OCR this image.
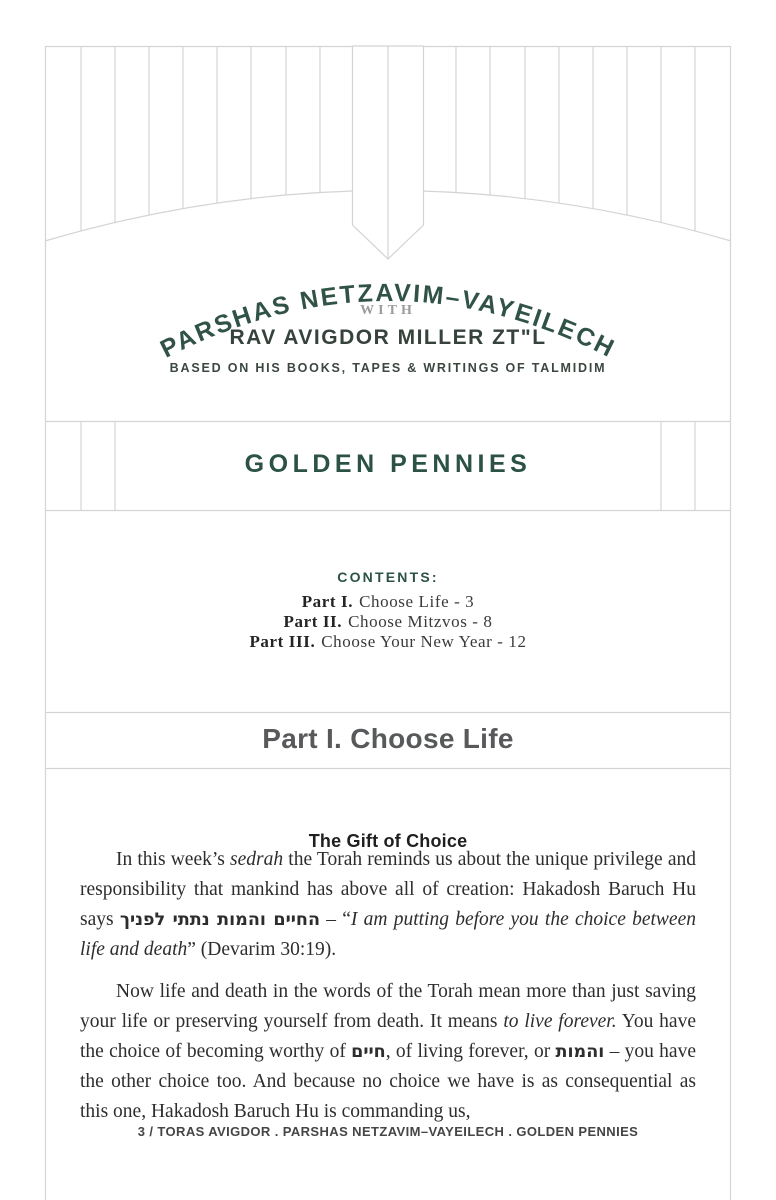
PARSHAS NETZAVIM–VAYEILECH
WITH
RAV AVIGDOR MILLER ZT"L
BASED ON HIS BOOKS, TAPES & WRITINGS OF TALMIDIM
GOLDEN PENNIES
CONTENTS:
Part I. Choose Life - 3
Part II. Choose Mitzvos - 8
Part III. Choose Your New Year - 12
Part I. Choose Life
The Gift of Choice

In this week’s sedrah the Torah reminds us about the unique privilege and responsibility that mankind has above all of creation: Hakadosh Baruch Hu says החיים והמות נתתי לפניך – “I am putting before you the choice between life and death” (Devarim 30:19).

Now life and death in the words of the Torah mean more than just saving your life or preserving yourself from death. It means to live forever. You have the choice of becoming worthy of חיים, of living forever, or והמות – you have the other choice too. And because no choice we have is as consequential as this one, Hakadosh Baruch Hu is commanding us,

3 / TORAS AVIGDOR . PARSHAS NETZAVIM–VAYEILECH . GOLDEN PENNIES
